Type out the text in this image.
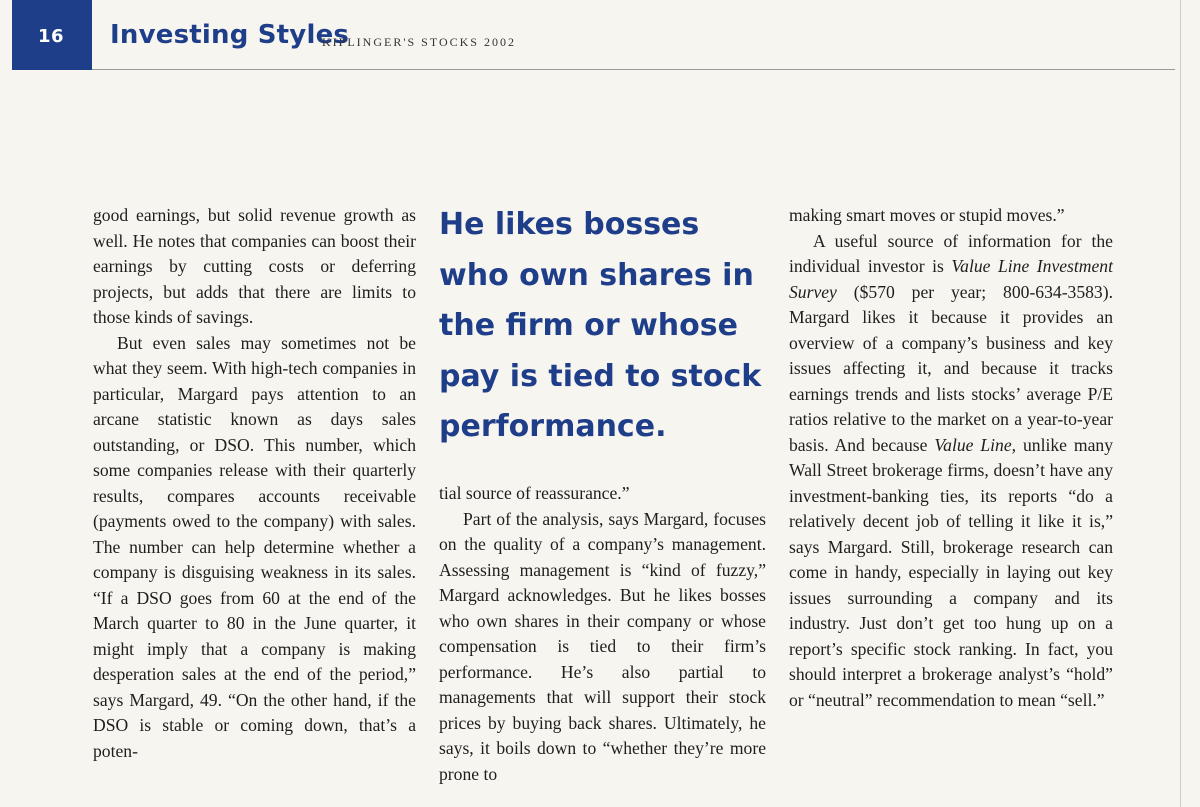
16 Investing Styles
KIPLINGER'S STOCKS 2002

good earnings, but solid revenue growth as well. He notes that companies can boost their earnings by cutting costs or deferring projects, but adds that there are limits to those kinds of savings.

But even sales may sometimes not be what they seem. With high-tech companies in particular, Margard pays attention to an arcane statistic known as days sales outstanding, or DSO. This number, which some companies release with their quarterly results, compares accounts receivable (payments owed to the company) with sales. The number can help determine whether a company is disguising weakness in its sales. “If a DSO goes from 60 at the end of the March quarter to 80 in the June quarter, it might imply that a company is making desperation sales at the end of the period,” says Margard, 49. “On the other hand, if the DSO is stable or coming down, that’s a poten-

He likes bosses who own shares in the firm or whose pay is tied to stock performance.

tial source of reassurance.”

Part of the analysis, says Margard, focuses on the quality of a company’s management. Assessing management is “kind of fuzzy,” Margard acknowledges. But he likes bosses who own shares in their company or whose compensation is tied to their firm’s performance. He’s also partial to managements that will support their stock prices by buying back shares. Ultimately, he says, it boils down to “whether they’re more prone to

making smart moves or stupid moves.”

A useful source of information for the individual investor is Value Line Investment Survey ($570 per year; 800-634-3583). Margard likes it because it provides an overview of a company’s business and key issues affecting it, and because it tracks earnings trends and lists stocks’ average P/E ratios relative to the market on a year-to-year basis. And because Value Line, unlike many Wall Street brokerage firms, doesn’t have any investment-banking ties, its reports “do a relatively decent job of telling it like it is,” says Margard. Still, brokerage research can come in handy, especially in laying out key issues surrounding a company and its industry. Just don’t get too hung up on a report’s specific stock ranking. In fact, you should interpret a brokerage analyst’s “hold” or “neutral” recommendation to mean “sell.”
